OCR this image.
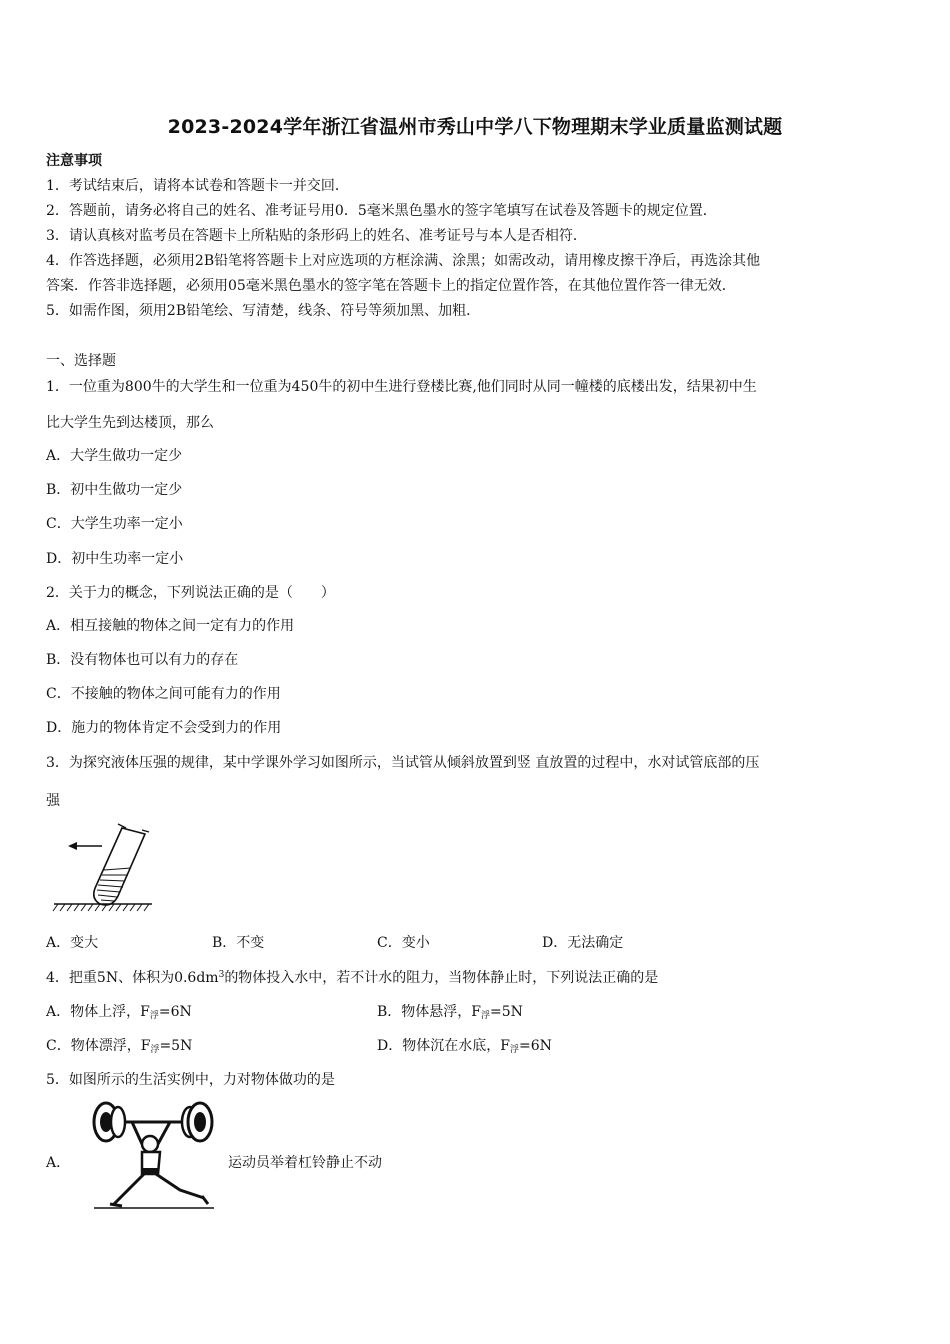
2023-2024学年浙江省温州市秀山中学八下物理期末学业质量监测试题
注意事项
1．考试结束后，请将本试卷和答题卡一并交回．
2．答题前，请务必将自己的姓名、准考证号用0．5毫米黑色墨水的签字笔填写在试卷及答题卡的规定位置．
3．请认真核对监考员在答题卡上所粘贴的条形码上的姓名、准考证号与本人是否相符．
4．作答选择题，必须用2B铅笔将答题卡上对应选项的方框涂满、涂黑；如需改动，请用橡皮擦干净后，再选涂其他
答案．作答非选择题，必须用05毫米黑色墨水的签字笔在答题卡上的指定位置作答，在其他位置作答一律无效．
5．如需作图，须用2B铅笔绘、写清楚，线条、符号等须加黑、加粗．
一、选择题
1．一位重为800牛的大学生和一位重为450牛的初中生进行登楼比赛,他们同时从同一幢楼的底楼出发，结果初中生
比大学生先到达楼顶，那么
A．大学生做功一定少
B．初中生做功一定少
C．大学生功率一定小
D．初中生功率一定小
2．关于力的概念，下列说法正确的是（　　）
A．相互接触的物体之间一定有力的作用
B．没有物体也可以有力的存在
C．不接触的物体之间可能有力的作用
D．施力的物体肯定不会受到力的作用
3．为探究液体压强的规律，某中学课外学习如图所示，当试管从倾斜放置到竖 直放置的过程中，水对试管底部的压
强
A．变大	B．不变	C．变小	D．无法确定
4．把重5N、体积为$0.6dm^3$的物体投入水中，若不计水的阻力，当物体静止时，下列说法正确的是
A．物体上浮，$F_浮=6N$	B．物体悬浮，$F_浮=5N$
C．物体漂浮，$F_浮=5N$	D．物体沉在水底，$F_浮=6N$
5．如图所示的生活实例中，力对物体做功的是
A．	运动员举着杠铃静止不动
